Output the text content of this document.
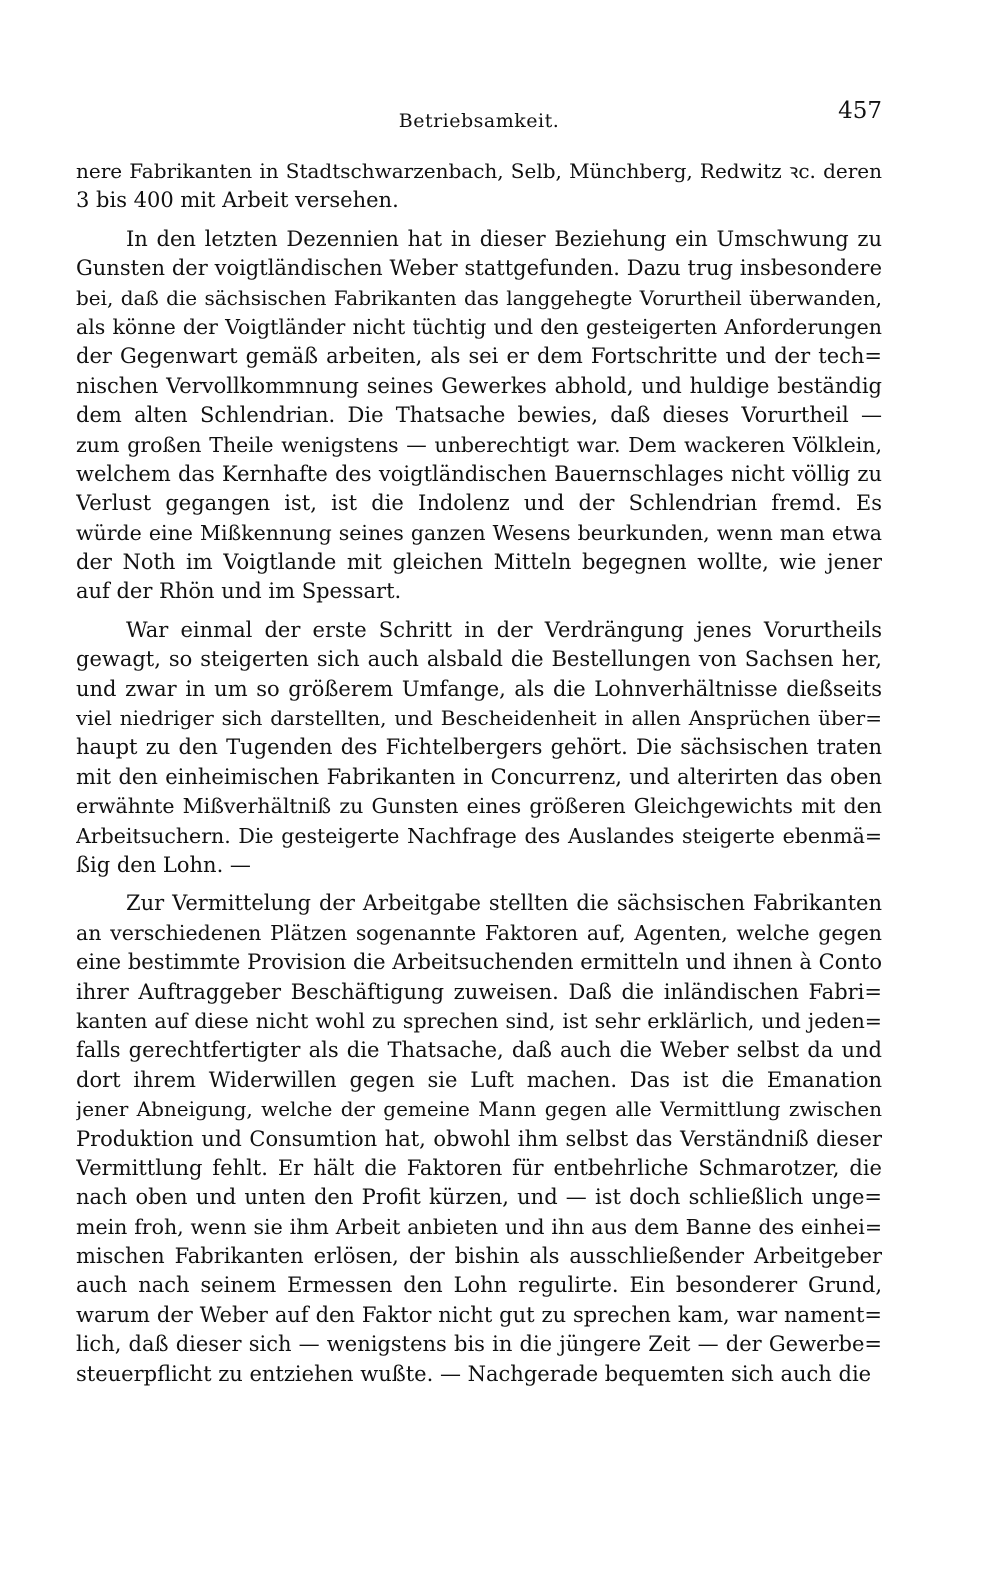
Betriebsamkeit.	457
nere Fabrikanten in Stadtschwarzenbach, Selb, Münchberg, Redwitz ꝛc. deren
3 bis 400 mit Arbeit versehen.
In den letzten Dezennien hat in dieser Beziehung ein Umschwung zu
Gunsten der voigtländischen Weber stattgefunden. Dazu trug insbesondere
bei, daß die sächsischen Fabrikanten das langgehegte Vorurtheil überwanden,
als könne der Voigtländer nicht tüchtig und den gesteigerten Anforderungen
der Gegenwart gemäß arbeiten, als sei er dem Fortschritte und der tech=
nischen Vervollkommnung seines Gewerkes abhold, und huldige beständig
dem alten Schlendrian. Die Thatsache bewies, daß dieses Vorurtheil —
zum großen Theile wenigstens — unberechtigt war. Dem wackeren Völklein,
welchem das Kernhafte des voigtländischen Bauernschlages nicht völlig zu
Verlust gegangen ist, ist die Indolenz und der Schlendrian fremd. Es
würde eine Mißkennung seines ganzen Wesens beurkunden, wenn man etwa
der Noth im Voigtlande mit gleichen Mitteln begegnen wollte, wie jener
auf der Rhön und im Spessart.
War einmal der erste Schritt in der Verdrängung jenes Vorurtheils
gewagt, so steigerten sich auch alsbald die Bestellungen von Sachsen her,
und zwar in um so größerem Umfange, als die Lohnverhältnisse dießseits
viel niedriger sich darstellten, und Bescheidenheit in allen Ansprüchen über=
haupt zu den Tugenden des Fichtelbergers gehört. Die sächsischen traten
mit den einheimischen Fabrikanten in Concurrenz, und alterirten das oben
erwähnte Mißverhältniß zu Gunsten eines größeren Gleichgewichts mit den
Arbeitsuchern. Die gesteigerte Nachfrage des Auslandes steigerte ebenmä=
ßig den Lohn. —
Zur Vermittelung der Arbeitgabe stellten die sächsischen Fabrikanten
an verschiedenen Plätzen sogenannte Faktoren auf, Agenten, welche gegen
eine bestimmte Provision die Arbeitsuchenden ermitteln und ihnen à Conto
ihrer Auftraggeber Beschäftigung zuweisen. Daß die inländischen Fabri=
kanten auf diese nicht wohl zu sprechen sind, ist sehr erklärlich, und jeden=
falls gerechtfertigter als die Thatsache, daß auch die Weber selbst da und
dort ihrem Widerwillen gegen sie Luft machen. Das ist die Emanation
jener Abneigung, welche der gemeine Mann gegen alle Vermittlung zwischen
Produktion und Consumtion hat, obwohl ihm selbst das Verständniß dieser
Vermittlung fehlt. Er hält die Faktoren für entbehrliche Schmarotzer, die
nach oben und unten den Profit kürzen, und — ist doch schließlich unge=
mein froh, wenn sie ihm Arbeit anbieten und ihn aus dem Banne des einhei=
mischen Fabrikanten erlösen, der bishin als ausschließender Arbeitgeber
auch nach seinem Ermessen den Lohn regulirte. Ein besonderer Grund,
warum der Weber auf den Faktor nicht gut zu sprechen kam, war nament=
lich, daß dieser sich — wenigstens bis in die jüngere Zeit — der Gewerbe=
steuerpflicht zu entziehen wußte. — Nachgerade bequemten sich auch die
